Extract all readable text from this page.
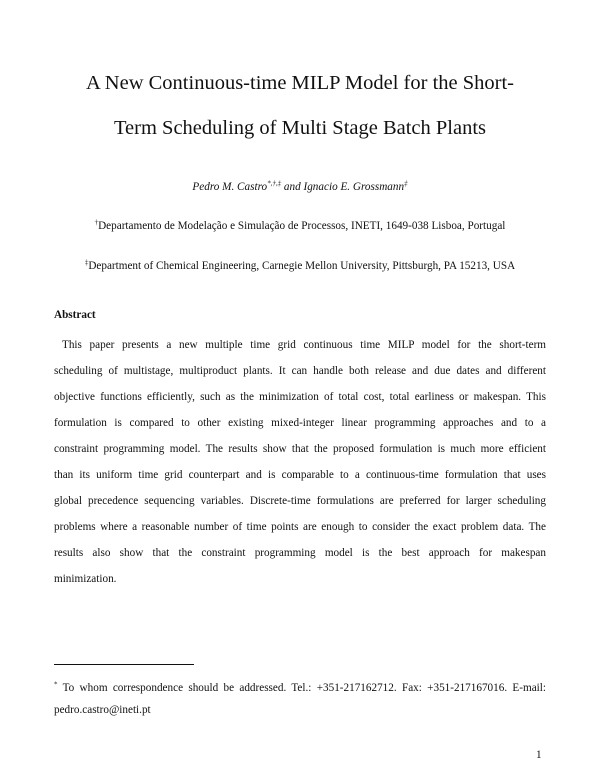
A New Continuous-time MILP Model for the Short-
Term Scheduling of Multi Stage Batch Plants
Pedro M. Castro*,†,‡ and Ignacio E. Grossmann‡
†Departamento de Modelação e Simulação de Processos, INETI, 1649-038 Lisboa, Portugal
‡Department of Chemical Engineering, Carnegie Mellon University, Pittsburgh, PA 15213, USA
Abstract
This paper presents a new multiple time grid continuous time MILP model for the short-term
scheduling of multistage, multiproduct plants. It can handle both release and due dates and different
objective functions efficiently, such as the minimization of total cost, total earliness or makespan. This
formulation is compared to other existing mixed-integer linear programming approaches and to a
constraint programming model. The results show that the proposed formulation is much more efficient
than its uniform time grid counterpart and is comparable to a continuous-time formulation that uses
global precedence sequencing variables. Discrete-time formulations are preferred for larger scheduling
problems where a reasonable number of time points are enough to consider the exact problem data. The
results also show that the constraint programming model is the best approach for makespan
minimization.
* To whom correspondence should be addressed. Tel.: +351-217162712. Fax: +351-217167016. E-mail:
pedro.castro@ineti.pt
1
